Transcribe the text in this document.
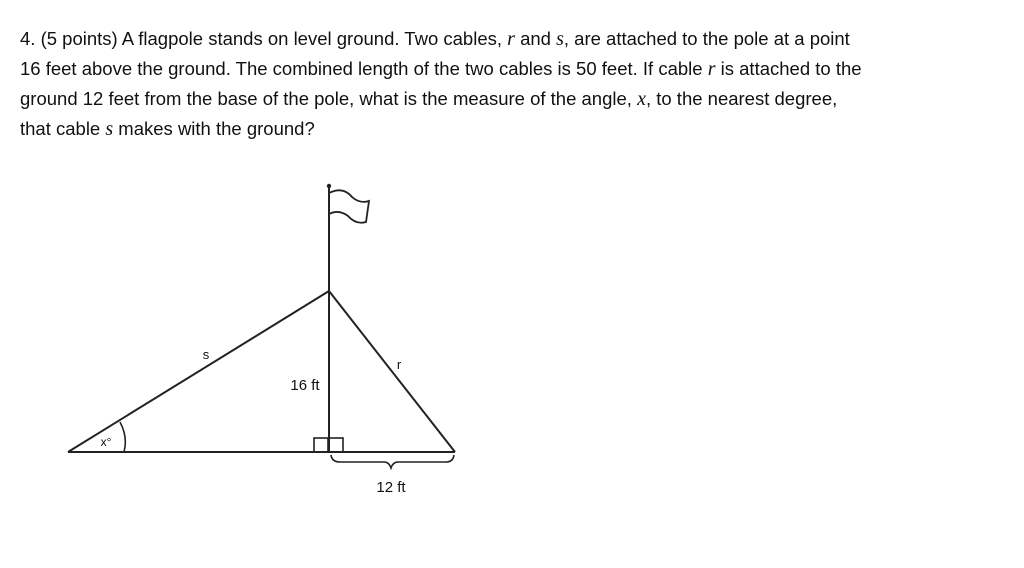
4. (5 points) A flagpole stands on level ground. Two cables, r and s, are attached to the pole at a point
16 feet above the ground. The combined length of the two cables is 50 feet. If cable r is attached to the
ground 12 feet from the base of the pole, what is the measure of the angle, x, to the nearest degree,
that cable s makes with the ground?
s
r
16 ft
12 ft
x°
